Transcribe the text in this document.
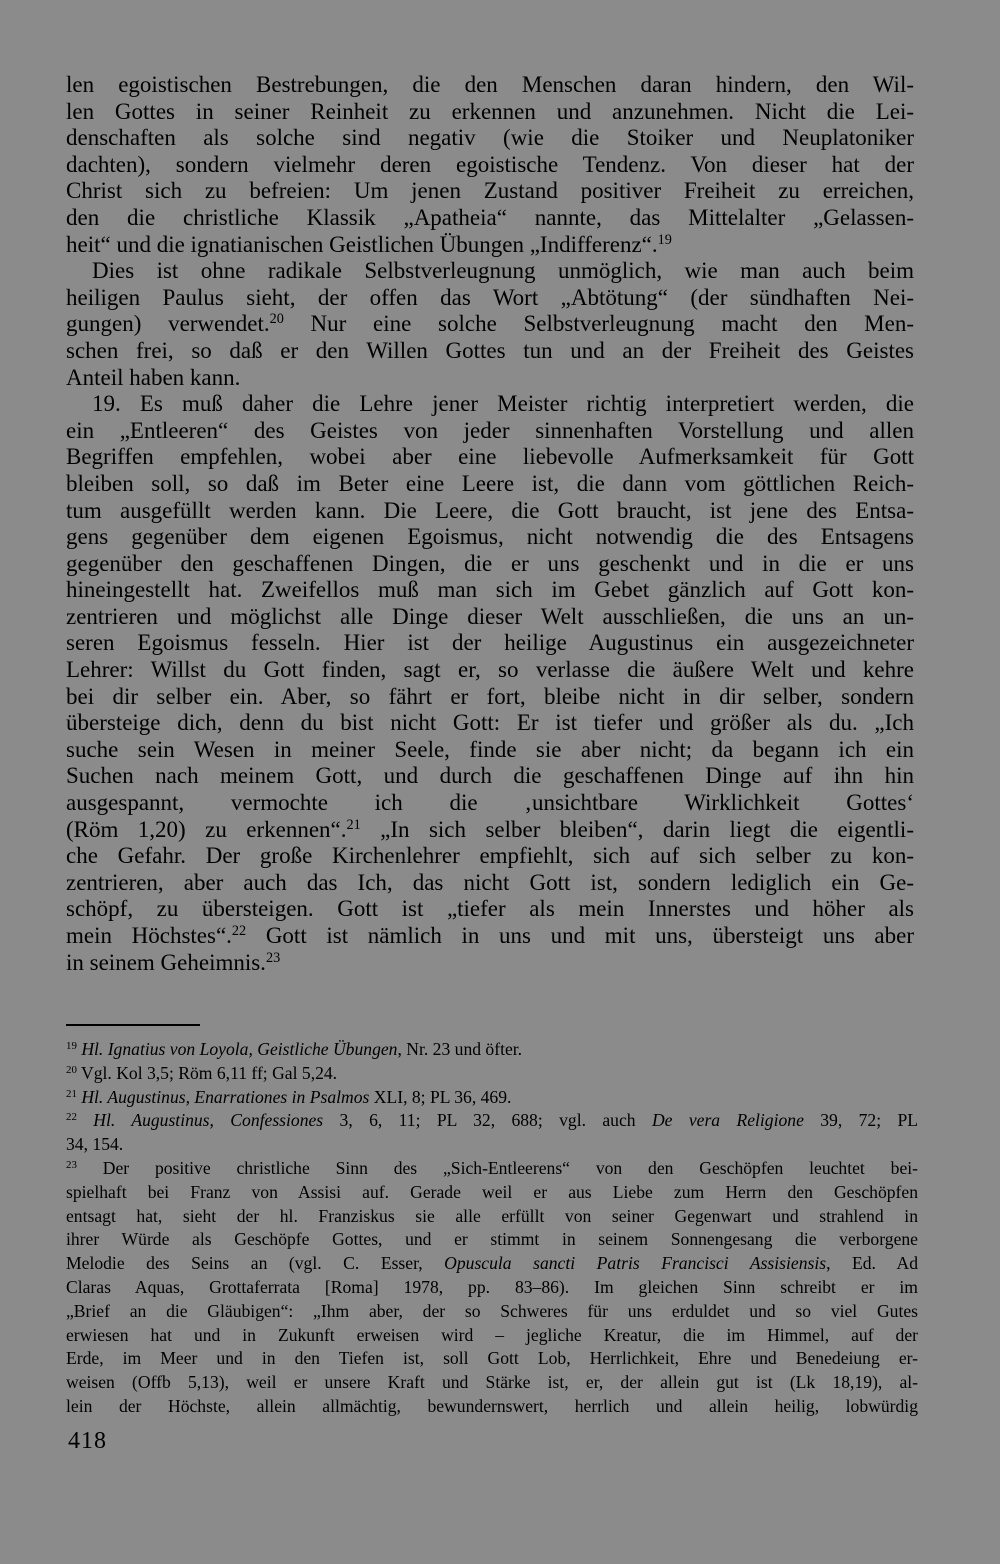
len egoistischen Bestrebungen, die den Menschen daran hindern, den Wil-
len Gottes in seiner Reinheit zu erkennen und anzunehmen. Nicht die Lei-
denschaften als solche sind negativ (wie die Stoiker und Neuplatoniker
dachten), sondern vielmehr deren egoistische Tendenz. Von dieser hat der
Christ sich zu befreien: Um jenen Zustand positiver Freiheit zu erreichen,
den die christliche Klassik „Apatheia“ nannte, das Mittelalter „Gelassen-
heit“ und die ignatianischen Geistlichen Übungen „Indifferenz“.$^{19}$
Dies ist ohne radikale Selbstverleugnung unmöglich, wie man auch beim
heiligen Paulus sieht, der offen das Wort „Abtötung“ (der sündhaften Nei-
gungen) verwendet.$^{20}$ Nur eine solche Selbstverleugnung macht den Men-
schen frei, so daß er den Willen Gottes tun und an der Freiheit des Geistes
Anteil haben kann.
19. Es muß daher die Lehre jener Meister richtig interpretiert werden, die
ein „Entleeren“ des Geistes von jeder sinnenhaften Vorstellung und allen
Begriffen empfehlen, wobei aber eine liebevolle Aufmerksamkeit für Gott
bleiben soll, so daß im Beter eine Leere ist, die dann vom göttlichen Reich-
tum ausgefüllt werden kann. Die Leere, die Gott braucht, ist jene des Entsa-
gens gegenüber dem eigenen Egoismus, nicht notwendig die des Entsagens
gegenüber den geschaffenen Dingen, die er uns geschenkt und in die er uns
hineingestellt hat. Zweifellos muß man sich im Gebet gänzlich auf Gott kon-
zentrieren und möglichst alle Dinge dieser Welt ausschließen, die uns an un-
seren Egoismus fesseln. Hier ist der heilige Augustinus ein ausgezeichneter
Lehrer: Willst du Gott finden, sagt er, so verlasse die äußere Welt und kehre
bei dir selber ein. Aber, so fährt er fort, bleibe nicht in dir selber, sondern
übersteige dich, denn du bist nicht Gott: Er ist tiefer und größer als du. „Ich
suche sein Wesen in meiner Seele, finde sie aber nicht; da begann ich ein
Suchen nach meinem Gott, und durch die geschaffenen Dinge auf ihn hin
ausgespannt, vermochte ich die ‚unsichtbare Wirklichkeit Gottes‘
(Röm 1,20) zu erkennen“.$^{21}$ „In sich selber bleiben“, darin liegt die eigentli-
che Gefahr. Der große Kirchenlehrer empfiehlt, sich auf sich selber zu kon-
zentrieren, aber auch das Ich, das nicht Gott ist, sondern lediglich ein Ge-
schöpf, zu übersteigen. Gott ist „tiefer als mein Innerstes und höher als
mein Höchstes“.$^{22}$ Gott ist nämlich in uns und mit uns, übersteigt uns aber
in seinem Geheimnis.$^{23}$
$^{19}$ Hl. Ignatius von Loyola, Geistliche Übungen, Nr. 23 und öfter.
$^{20}$ Vgl. Kol 3,5; Röm 6,11 ff; Gal 5,24.
$^{21}$ Hl. Augustinus, Enarrationes in Psalmos XLI, 8; PL 36, 469.
$^{22}$ Hl. Augustinus, Confessiones 3, 6, 11; PL 32, 688; vgl. auch De vera Religione 39, 72; PL
34, 154.
$^{23}$ Der positive christliche Sinn des „Sich-Entleerens“ von den Geschöpfen leuchtet bei-
spielhaft bei Franz von Assisi auf. Gerade weil er aus Liebe zum Herrn den Geschöpfen
entsagt hat, sieht der hl. Franziskus sie alle erfüllt von seiner Gegenwart und strahlend in
ihrer Würde als Geschöpfe Gottes, und er stimmt in seinem Sonnengesang die verborgene
Melodie des Seins an (vgl. C. Esser, Opuscula sancti Patris Francisci Assisiensis, Ed. Ad
Claras Aquas, Grottaferrata [Roma] 1978, pp. 83–86). Im gleichen Sinn schreibt er im
„Brief an die Gläubigen“: „Ihm aber, der so Schweres für uns erduldet und so viel Gutes
erwiesen hat und in Zukunft erweisen wird – jegliche Kreatur, die im Himmel, auf der
Erde, im Meer und in den Tiefen ist, soll Gott Lob, Herrlichkeit, Ehre und Benedeiung er-
weisen (Offb 5,13), weil er unsere Kraft und Stärke ist, er, der allein gut ist (Lk 18,19), al-
lein der Höchste, allein allmächtig, bewundernswert, herrlich und allein heilig, lobwürdig
418
